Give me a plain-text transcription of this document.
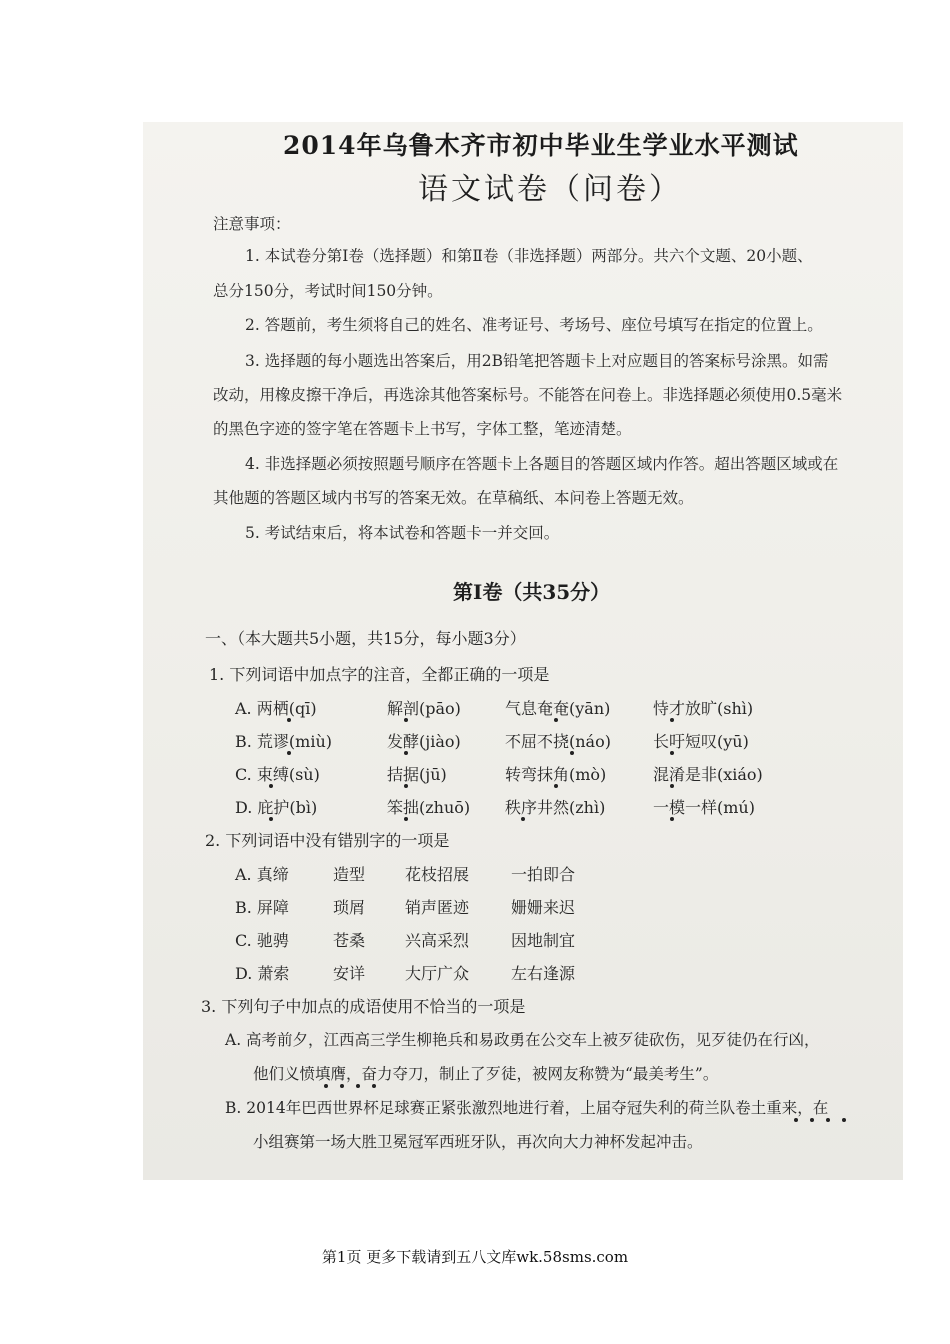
2014年乌鲁木齐市初中毕业生学业水平测试
语文试卷（问卷）
注意事项：
1. 本试卷分第Ⅰ卷（选择题）和第Ⅱ卷（非选择题）两部分。共六个文题、20小题、
总分150分，考试时间150分钟。
2. 答题前，考生须将自己的姓名、准考证号、考场号、座位号填写在指定的位置上。
3. 选择题的每小题选出答案后，用2B铅笔把答题卡上对应题目的答案标号涂黑。如需
改动，用橡皮擦干净后，再选涂其他答案标号。不能答在问卷上。非选择题必须使用0.5毫米
的黑色字迹的签字笔在答题卡上书写，字体工整，笔迹清楚。
4. 非选择题必须按照题号顺序在答题卡上各题目的答题区域内作答。超出答题区域或在
其他题的答题区域内书写的答案无效。在草稿纸、本问卷上答题无效。
5. 考试结束后，将本试卷和答题卡一并交回。
第Ⅰ卷（共35分）
一、（本大题共5小题，共15分，每小题3分）
1. 下列词语中加点字的注音，全都正确的一项是
A. 两栖(qī)	解剖(pāo)	气息奄奄(yān)	恃才放旷(shì)
B. 荒谬(miù)	发酵(jiào)	不屈不挠(náo)	长吁短叹(yū)
C. 束缚(sù)	拮据(jū)	转弯抹角(mò)	混淆是非(xiáo)
D. 庇护(bì)	笨拙(zhuō) 秩序井然(zhì)	一模一样(mú)
2. 下列词语中没有错别字的一项是
A. 真缔	造型 花枝招展	一拍即合
B. 屏障	琐屑 销声匿迹	姗姗来迟
C. 驰骋	苍桑 兴高采烈	因地制宜
D. 萧索	安详 大厅广众	左右逢源
3. 下列句子中加点的成语使用不恰当的一项是
A. 高考前夕，江西高三学生柳艳兵和易政勇在公交车上被歹徒砍伤，见歹徒仍在行凶，
他们义愤填膺，奋力夺刀，制止了歹徒，被网友称赞为“最美考生”。
B. 2014年巴西世界杯足球赛正紧张激烈地进行着，上届夺冠失利的荷兰队卷土重来，在
小组赛第一场大胜卫冕冠军西班牙队，再次向大力神杯发起冲击。
第1页 更多下载请到五八文库wk.58sms.com
